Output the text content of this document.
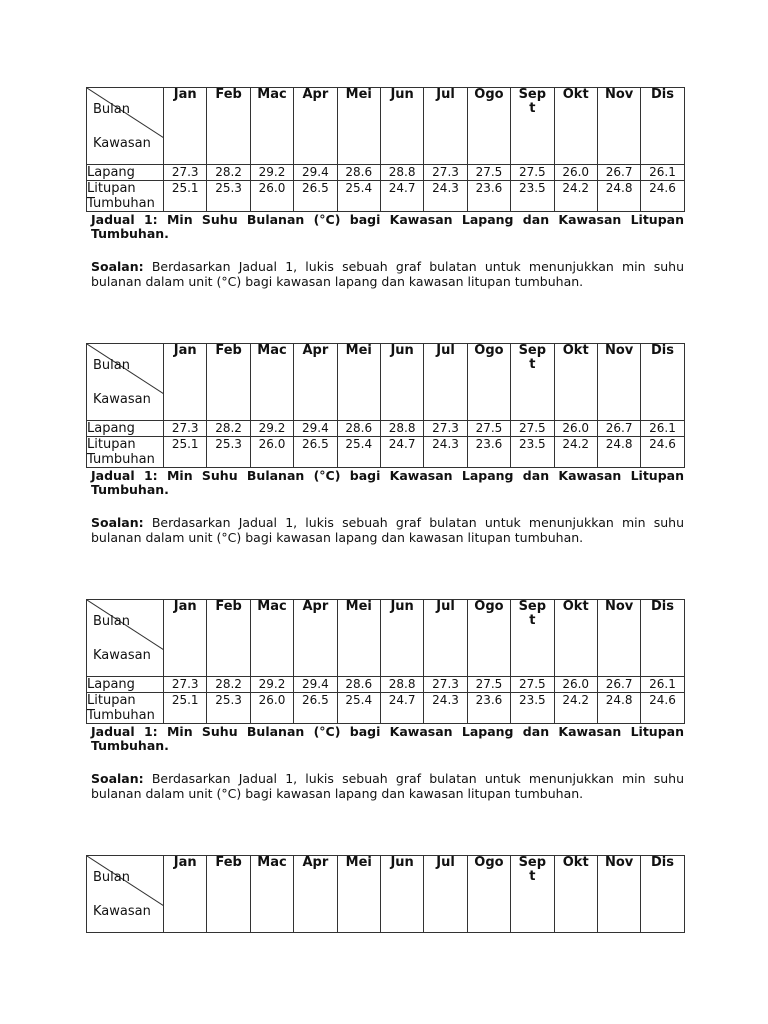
Bulan
Kawasan	Jan	Feb	Mac	Apr	Mei	Jun	Jul	Ogo	Sept	Okt	Nov	Dis
Lapang	27.3	28.2	29.2	29.4	28.6	28.8	27.3	27.5	27.5	26.0	26.7	26.1
Litupan Tumbuhan	25.1	25.3	26.0	26.5	25.4	24.7	24.3	23.6	23.5	24.2	24.8	24.6
Jadual 1: Min Suhu Bulanan (°C) bagi Kawasan Lapang dan Kawasan Litupan Tumbuhan.
Soalan: Berdasarkan Jadual 1, lukis sebuah graf bulatan untuk menunjukkan min suhu bulanan dalam unit (°C) bagi kawasan lapang dan kawasan litupan tumbuhan.
Bulan
Kawasan	Jan	Feb	Mac	Apr	Mei	Jun	Jul	Ogo	Sept	Okt	Nov	Dis
Lapang	27.3	28.2	29.2	29.4	28.6	28.8	27.3	27.5	27.5	26.0	26.7	26.1
Litupan Tumbuhan	25.1	25.3	26.0	26.5	25.4	24.7	24.3	23.6	23.5	24.2	24.8	24.6
Jadual 1: Min Suhu Bulanan (°C) bagi Kawasan Lapang dan Kawasan Litupan Tumbuhan.
Soalan: Berdasarkan Jadual 1, lukis sebuah graf bulatan untuk menunjukkan min suhu bulanan dalam unit (°C) bagi kawasan lapang dan kawasan litupan tumbuhan.
Bulan
Kawasan	Jan	Feb	Mac	Apr	Mei	Jun	Jul	Ogo	Sept	Okt	Nov	Dis
Lapang	27.3	28.2	29.2	29.4	28.6	28.8	27.3	27.5	27.5	26.0	26.7	26.1
Litupan Tumbuhan	25.1	25.3	26.0	26.5	25.4	24.7	24.3	23.6	23.5	24.2	24.8	24.6
Jadual 1: Min Suhu Bulanan (°C) bagi Kawasan Lapang dan Kawasan Litupan Tumbuhan.
Soalan: Berdasarkan Jadual 1, lukis sebuah graf bulatan untuk menunjukkan min suhu bulanan dalam unit (°C) bagi kawasan lapang dan kawasan litupan tumbuhan.
Bulan
Kawasan
	Jan	Feb	Mac	Apr	Mei	Jun	Jul	Ogo	Sept	Okt	Nov	Dis
